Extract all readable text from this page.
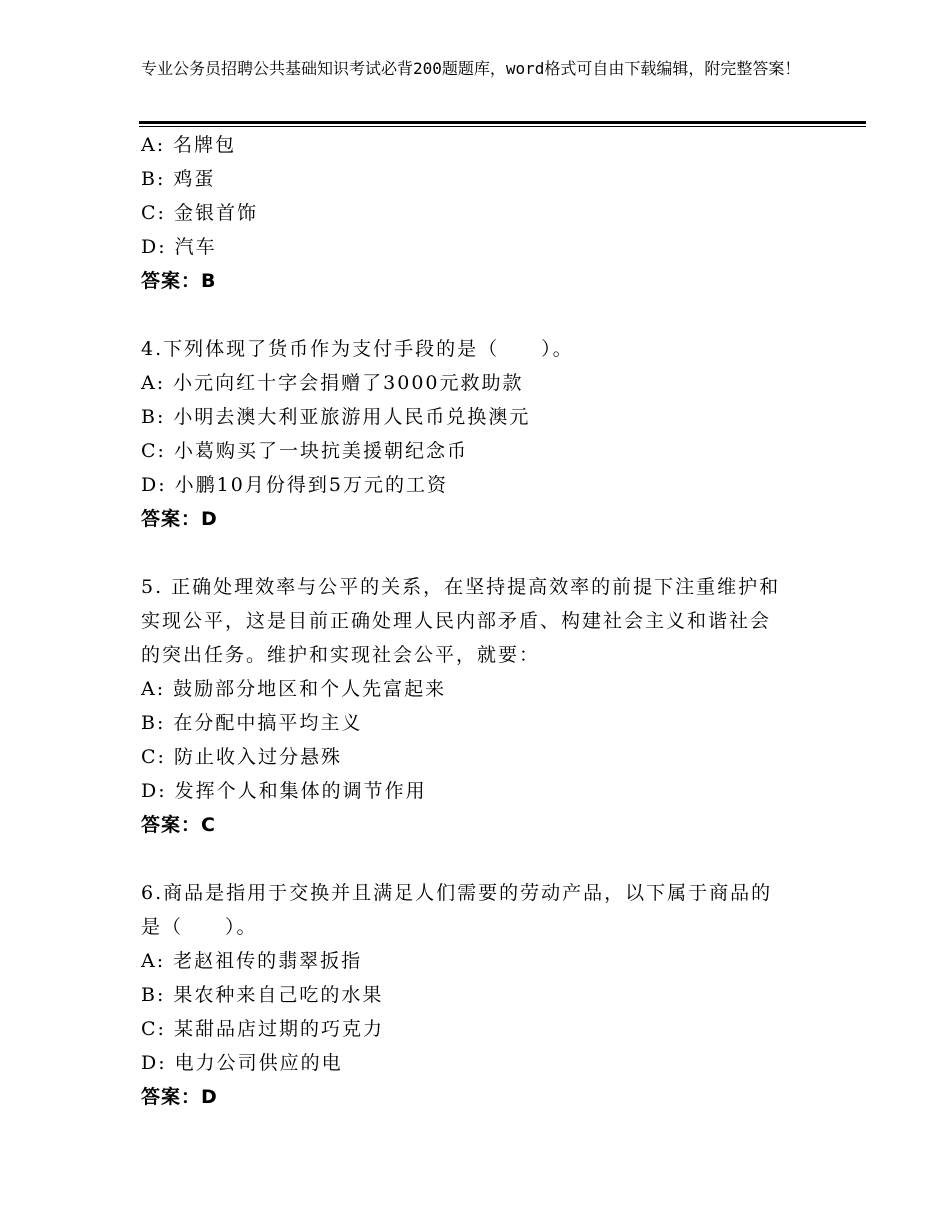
专业公务员招聘公共基础知识考试必背200题题库，word格式可自由下载编辑，附完整答案！
A: 名牌包
B: 鸡蛋
C: 金银首饰
D: 汽车
答案：B
4.下列体现了货币作为支付手段的是（　　）。
A: 小元向红十字会捐赠了3000元救助款
B: 小明去澳大利亚旅游用人民币兑换澳元
C: 小葛购买了一块抗美援朝纪念币
D: 小鹏10月份得到5万元的工资
答案：D
5. 正确处理效率与公平的关系，在坚持提高效率的前提下注重维护和
实现公平，这是目前正确处理人民内部矛盾、构建社会主义和谐社会
的突出任务。维护和实现社会公平，就要：
A: 鼓励部分地区和个人先富起来
B: 在分配中搞平均主义
C: 防止收入过分悬殊
D: 发挥个人和集体的调节作用
答案：C
6.商品是指用于交换并且满足人们需要的劳动产品，以下属于商品的
是（　　）。
A: 老赵祖传的翡翠扳指
B: 果农种来自己吃的水果
C: 某甜品店过期的巧克力
D: 电力公司供应的电
答案：D
